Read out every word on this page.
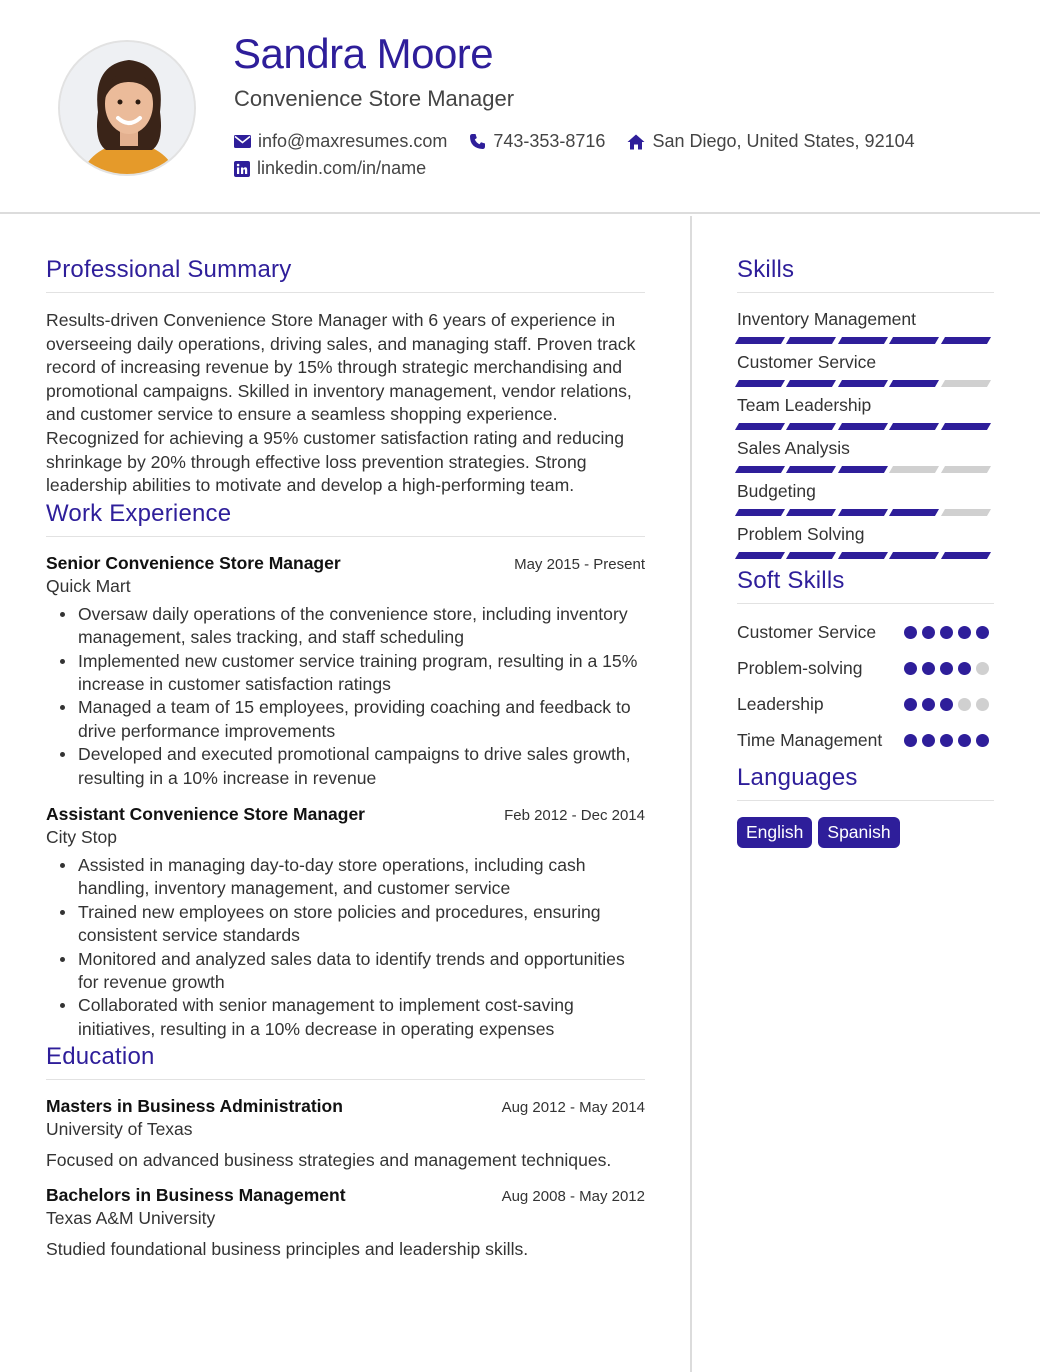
Sandra Moore
Convenience Store Manager
info@maxresumes.com	743-353-8716	San Diego, United States, 92104
linkedin.com/in/name
Professional Summary

Results-driven Convenience Store Manager with 6 years of experience in overseeing daily operations, driving sales, and managing staff. Proven track record of increasing revenue by 15% through strategic merchandising and promotional campaigns. Skilled in inventory management, vendor relations, and customer service to ensure a seamless shopping experience. Recognized for achieving a 95% customer satisfaction rating and reducing shrinkage by 20% through effective loss prevention strategies. Strong leadership abilities to motivate and develop a high-performing team.

Work Experience
Senior Convenience Store Manager	May 2015 - Present
Quick Mart
Oversaw daily operations of the convenience store, including inventory management, sales tracking, and staff scheduling
Implemented new customer service training program, resulting in a 15% increase in customer satisfaction ratings
Managed a team of 15 employees, providing coaching and feedback to drive performance improvements
Developed and executed promotional campaigns to drive sales growth, resulting in a 10% increase in revenue
Assistant Convenience Store Manager	Feb 2012 - Dec 2014
City Stop
Assisted in managing day-to-day store operations, including cash handling, inventory management, and customer service
Trained new employees on store policies and procedures, ensuring consistent service standards
Monitored and analyzed sales data to identify trends and opportunities for revenue growth
Collaborated with senior management to implement cost-saving initiatives, resulting in a 10% decrease in operating expenses
Education
Masters in Business Administration	Aug 2012 - May 2014
University of Texas
Focused on advanced business strategies and management techniques.
Bachelors in Business Management	Aug 2008 - May 2012
Texas A&M University
Studied foundational business principles and leadership skills.
Skills
Inventory Management
Customer Service
Team Leadership
Sales Analysis
Budgeting
Problem Solving
Soft Skills
Customer Service
Problem-solving
Leadership
Time Management
Languages
English	Spanish
